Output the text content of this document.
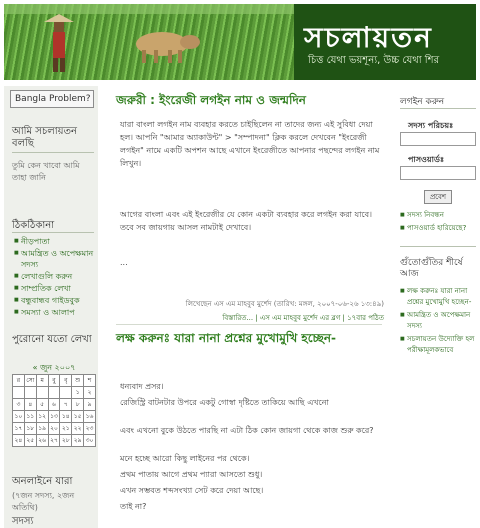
সচলায়তন
চিত্ত যেথা ভয়শূন্য, উচ্চ যেথা শির
Bangla Problem?
আমি সচলায়তন বলছি
তুমি কেন খাবো আমি তাহা জানি
ঠিকঠিকানা
■ নীড়পাতা
■ আমন্ত্রিত ও অপেক্ষমান সদস্য
■ লেখাগুলি করুন
■ সাম্প্রতিক লেখা
■ বন্ধুবান্ধব গাইডবুক
■ সমস্যা ও আলাপ
পুরোনো যতো লেখা
« জুন ২০০৭
র	সো	ম	বু	বৃ	শু	শ
					১	২
৩	৪	৫	৬	৭	৮	৯
১০	১১	১২	১৩	১৪	১৫	১৬
১৭	১৮	১৯	২০	২১	২২	২৩
২৪	২৫	২৬	২৭	২৮	২৯	৩০
অনলাইনে যারা
(৭জন সদস্য, ২জন অতিথি)
সদস্য
জরুরী : ইংরেজী লগইন নাম ও জন্মদিন
যারা বাংলা লগইন নাম ব্যবহার করতে চাইছিলেন না তাদের জন্য এই সুবিধা দেয়া হল। আপনি "আমার অ্যাকাউন্ট" > "সম্পাদনা" ক্লিক করলে দেখবেন "ইংরেজী লগইন" নামে একটি অপশন আছে এখানে ইংরেজীতে আপনার পছন্দের লগইন নাম লিখুন।
আগের বাংলা এবং এই ইংরেজীর যে কোন একটা ব্যবহার করে লগইন করা যাবে। তবে সব জায়গায় আসল নামটাই দেখাবে।
...
লিখেছেন এস এম মাহবুব মুর্শেদ (তারিখ: মঙ্গল, ২০০৭-০৬-২৬ ১৩:৪৯)
বিস্তারিত... | এস এম মাহবুব মুর্শেদ এর ব্লগ | ১৭বার পঠিত
লক্ষ করুনঃ যারা নানা প্রশ্নের মুখোমুখি হচ্ছেন-
ধন্যবাদ প্রসর।
রেজিস্ট্রি বাটনটার উপরে একটু গোস্বা দৃষ্টিতে তাকিয়ে আছি এখনো
এবং এখনো বুকে উঠতে পারছি না এটা ঠিক কোন জায়গা থেকে কাজ শুরু করে?
মনে হচ্ছে আরো কিছু লাইনের পর থেকে।
প্রথম পাতায় আগে প্রথম প্যারা আসতো শুধু।
এখন সম্ভবত শব্দসংখ্যা সেট করে দেয়া আছে।
তাই না?
লগইন করুন
সদস্য পরিচয়ঃ
পাসওয়ার্ডঃ
প্রবেশ
■ সদস্য নিবন্ধন
■ পাসওয়ার্ড হারিয়েছে?
গুঁতোগুঁতির শীর্ষে আজ
■ লক্ষ করুনঃ যারা নানা প্রশ্নের মুখোমুখি হচ্ছেন-
■ আমন্ত্রিত ও অপেক্ষমান সদস্য
■ সচলায়তন উদ্যোক্তি হল পরীক্ষামূলকভাবে
